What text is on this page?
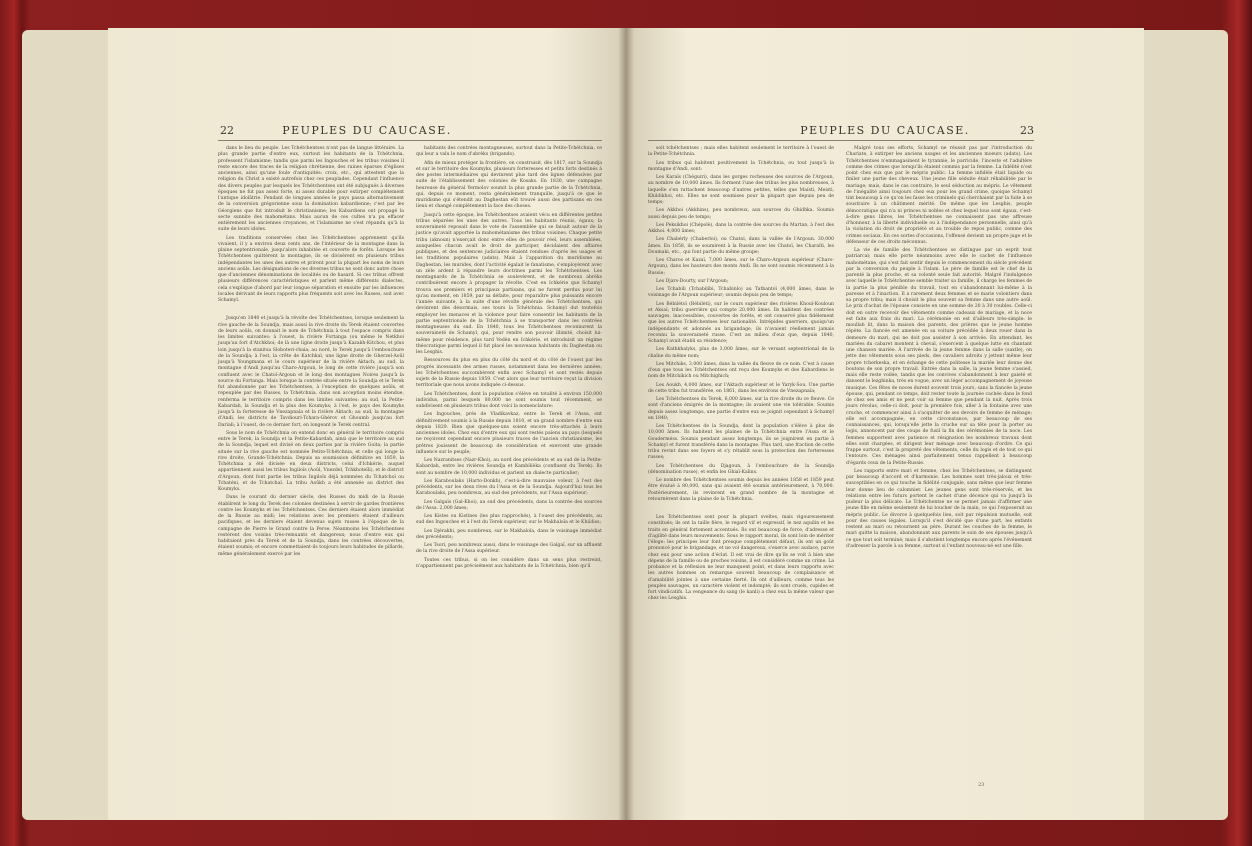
22	PEUPLES DU CAUCASE.

dans le lieu du peuple. Les Tchétchentses n'ont pas de langue littéraire. La plus grande partie d'entre eux, surtout les habitants de la Tchétchnia, professent l'islamisme; tandis que parmi les Ingouches et les tribus voisines il reste encore des traces de la religion chrétienne, des ruines éparses d'églises anciennes, ainsi qu'une foule d'antiquités: croix, etc., qui attestent que la religion du Christ a existé autrefois chez ces peuplades. Cependant l'influence des divers peuples par lesquels les Tchétchentses ont été subjugués à diverses époques ne fut pas assez forte, ni assez durable pour extirper complétement l'antique idolâtrie. Pendant de longues années le pays passa alternativement de la conversion grégorienne sous la domination kabardienne; c'est par les Géorgiens que fut introduit le christianisme; les Kabardiens ont propagé la secte sunnite des mahométans. Mais aucun de ces cultes n'a pu effacer entièrement les anciennes croyances, et l'islamisme ne s'est répandu qu'à la suite de leurs idoles.

Les traditions conservées chez les Tchétchentses apprennent qu'ils vivaient, il y a environ deux cents ans, de l'intérieur de la montagne dans la plaine septentrionale, jusqu'alors inhabitée et couverte de forêts. Lorsque les Tchétchentses quittèrent la montagne, ils se divisèrent en plusieurs tribus indépendantes les unes des autres et prirent pour la plupart les noms de leurs anciens aoûls. Les désignations de ces diverses tribus ne sont donc autre chose que d'anciennes dénominations de localités ou de hasard. Si ces tribus offrent plusieurs différences caractéristiques et parlent même différents dialectes, cela s'explique d'abord par leur longue séparation et ensuite par les influences locales dérivant de leurs rapports plus fréquents soit avec les Russes, soit avec Schamyl.

Jusqu'en 1840 et jusqu'à la révolte des Tchétchentses, lorsque seulement la rive gauche de la Soundja, mais aussi la rive droite du Terek étaient couvertes de leurs aoûls, on donnait le nom de Tchétchnia à tout l'espace compris dans les limites suivantes: à l'ouest, la rivière Fortanga (ou même le Netkhoi jusqu'au fort d'Atchkhoi; de là une ligne droite jusqu'à Kazakh-Kitchou, et plus loin jusqu'à la stanitsa Sloboteri-chaia; au nord, le Terek jusqu'à l'embouchure de la Soundja; à l'est, la crête de Katchkal, une ligne droite de Gherzel-Aoûl jusqu'à Youngmana et le cours supérieur de la rivière Aktach; au sud, la montagne d'Andi jusqu'au Charo-Argoun, le long de cette rivière jusqu'à son confluent avec le Chatoï-Argoun et le long des montagnes Noires jusqu'à la source du Fortanga. Mais lorsque la contrée située entre la Soundja et le Terek fut abandonnée par les Tchétchentses, à l'exception de quelques aoûls, et repeuplée par des Russes, la Tchétchnia, dans son acception moins étendue, renferma le territoire compris dans les limites suivantes: au sud, la Petite-Kabardah, la Soundja et la plus des Koumyks; à l'est, le pays des Koumyks jusqu'à la forteresse de Vnezapnaïa et la rivière Aktach; au sud, la montagne d'Andi, les districts de Tavdiouri-Tchara-Ghérov et Ghoumb jusqu'au fort Dariali; à l'ouest, de ce dernier fort, en longeant le Terek central.

Sous le nom de Tchétchnia on entend donc en général le territoire compris entre le Terek, la Soundja et la Petite-Kabardah, ainsi que le territoire au sud de la Soundja, lequel est divisé en deux parties par la rivière Goita; la partie située sur la rive gauche est nommée Petite-Tchétchnia, et celle qui longe la rive droite, Grande-Tchétchnia. Depuis sa soumission définitive en 1859, la Tchétchnia a été divisée en deux districts, celui d'Ichkérie, auquel appartiennent aussi les tribus Ingiloïs (Aoûl, Vnezdel, Tchkhoteïli), et le district d'Argoun, dont font partie les tribus Ingiloïs déjà nommées du Tchatchoï ou Tchaténi, et de Tchatchal. La tribu Aoûkh a été annexée au district des Koumyks.

Dans le courant du dernier siècle, des Russes du midi de la Russie établirent le long du Terek des colonies destinées à servir de gardes frontières contre les Koumyks et les Tchétchentses. Ces derniers étaient alors immédiat de la Russie au midi; les relations avec les premiers étaient d'ailleurs pacifiques, et les derniers étaient devenus sujets russes à l'époque de la campagne de Pierre le Grand contre la Perse. Néanmoins les Tchétchentses restèrent des voisins très-remuants et dangereux; nous d'entre eux qui habitaient près du Terek et de la Soundja, dans les contrées découvertes, étaient soumis; et encore commettaient-ils toujours leurs habitudes de pillards, même généralement exercé par les

habitants des contrées montagneuses, surtout dans la Petite-Tchétchnia, ce qui leur a valu le nom d'abrèks (brigands).

Afin de mieux protéger la frontière, on construisit, dès 1817, sur la Soundja et sur le territoire des Koumyks, plusieurs forteresses et petits forts destinés à des postes intermédiaires qui devinrent plus tard des lignes défensives par suite de l'établissement des colonies de Kosaks. En 1830, une campagne heureuse du général Yermolov soumit la plus grande partie de la Tchétchnia, qui, depuis ce moment, resta généralement tranquille, jusqu'à ce que le muridisme qui s'étendit au Daghestan eût trouvé aussi des partisans en ces lieux et changé complètement la face des choses.

Jusqu'à cette époque, les Tchétchentses avaient vécu en différentes petites tribus séparées les unes des autres. Tous les habitants réunis, égaux; la souveraineté reposait dans le vote de l'assemblée qui se faisait autour de la justice qu'avait apportée la mahométanisme des tribus voisines. Chaque petite tribu (aknoun) n'exerçait donc entre elles de pouvoir réel, leurs assemblées, auxquelles chacun avait le droit de participer, décidaient des affaires publiques, et des sentences judiciaires étaient rendues d'après les usages et les traditions populaires (adats). Mais à l'apparition du muridisme au Daghestan, les murides, dont l'activité égalait le fanatisme, s'employèrent avec un zèle ardent à répandre leurs doctrines parmi les Tchétchentses. Les montagnards de la Tchétchnia se soulevèrent, et de nombreux abrèks contribuèrent encore à propager la révolte. C'est en Ichkérie que Schamyl trouva ses premiers et principaux partisans, qui ne furent perdus pour lui qu'au moment, en 1859, par sa défaite, pour reparaître plus puissants encore l'année suivante, à la suite d'une révolte générale des Tchétchentses, qui devinrent dès désormais, ses tours la Tchétchnia. Schamyl dut toutefois employer les menaces et la violence pour faire consentir les habitants de la partie septentrionale de la Tchétchnia à se transporter dans les contrées montagneuses du sud. En 1840, tous les Tchétchentses reconnurent la souveraineté de Schamyl, qui, pour rendre son pouvoir illimité, choisit lui-même pour résidence, plus tard Vedèn en Ichkérie, et introduisit un régime théocratique parmi lequel il fut placé les nouveaux habitants du Daghestan ou les Lesghis.

Ressources du plus en plus du côté du nord et du côté de l'ouest par les progrès incessants des armes russes, notamment dans les dernières années, les Tchétchentses succombèrent enfin avec Schamyl et sont restés depuis sujets de la Russie depuis 1859. C'est alors que leur territoire reçut la division territoriale que nous avons indiquée ci-dessus.

Les Tchétchentses, dont la population s'élève en totalité à environ 150,000 individus, parmi lesquels 80,000 ne sont soumis tout récemment, se subdivisent en plusieurs tribus dont voici la nomenclature:

Les Ingouches, près de Vladikavkaz, entre le Terek et l'Assa, ont définitivement soumis à la Russie depuis 1810, et un grand nombre d'entre eux depuis 1829. Bien que quelques-uns soient encore très-attachés à leurs anciennes idoles. Chez eux d'entre eux qui sont restés païens au pays (lesquels ne reçoivent cependant encore plusieurs traces de l'ancien christianisme, les prêtres jouissent de beaucoup de considération et exercent une grande influence sur le peuple;

Les Nazranitses (Nazr-Khoi), au nord des précédents et au sud de la Petite-Kabardah, entre les rivières Soundja et Kambilièka (confluent du Terek). Ils sont au nombre de 10,000 individus et parlent un dialecte particulier;

Les Karaboulaks (Harto-Donkh), c'est-à-dire mauvaise voleur, à l'est des précédents, sur les deux rives du l'Assa et de la Soundja. Aujourd'hui tous les Karaboulaks, peu nombreux, au sud des précédents, sur l'Assa supérieur;

Les Galgaïs (Gal-Khoi), au sud des précédents, dans la contrée des sources de l'Assa. 2,000 âmes;

Les Kistes ou Kistines (les plus rapprochés), à l'ouest des précédents, au sud des Ingouches et à l'est du Terek supérieur, sur le Makhaloïa et le Khiïdiss;

Les Djérakhi, peu nombreux, sur le Makhaloïa, dans le voisinage immédiat des précédents;

Les Tsori, peu nombreux aussi, dans le voisinage des Galgaï, sur un affluent de la rive droite de l'Assa supérieur.

Toutes ces tribus, si on les considère dans un sens plus restreint, n'appartiennent pas précisément aux habitants de la Tchétchnia, bien qu'il

PEUPLES DU CAUCASE.	23

soit tchétchentses ; mais elles habitent seulement le territoire à l'ouest de la Petite-Tchétchnia.

Les tribus qui habitent positivement la Tchétchnia, ou tout jusqu'à la montagne d'Andi, sont:

Les Karaïs (Chéguiri), dans les gorges rocheuses des sources de l'Argoun, au nombre de 10,000 âmes. Ils forment l'une des tribus les plus nombreuses, à laquelle s'en rattachent beaucoup d'autres petites, telles que Maïsti, Meisti, Khildikhoi, etc. Elles ne sont soumises pour la plupart que depuis peu de temps;

Les Akkhoi (Akkhins), peu nombreux, aux sources du Ghidhka. Soumis aussi depuis peu de temps;

Les Peksikhoi (Chépolè), dans la contrée des sources du Martan, à l'est des Akkhoi. 4,000 âmes;

Les Chabérly (Chaberloi), ou Chatoi, dans la vallée de l'Argoun. 30,000 âmes. En 1858, ils se soumirent à la Russie avec les Chatoï, les Charaïti, les Doumaki, etc., qui font partie du même groupe;

Les Charos et Kazaï, 7,000 âmes, sur le Charo-Argoun supérieur (Charo-Argoun), dans les hauteurs des monts Andi. Ils ne sont soumis récemment à la Russie;

Les Djars-Dourty, sur l'Argoun;

Les Tchabili (Tchabilibi, Tchabinlo) au Tatbantoï (4,000 âmes, dans le voisinage de l'Argoun supérieur; soumis depuis peu de temps;

Les Bébilétoï (Bébilèti), sur le cours supérieur des rivières Khoul-Kouloun et Aksaï; tribu guerrière qui compte 20,000 âmes. Ils habitent des contrées sauvages, inaccessibles, couvertes de forêts, et ont conservé plus fidèlement que les autres Tchétchentses leur nationalité. Intrépides guerriers, quoiqu'un indépendants et adonnés au brigandage, ils n'avaient réellement jamais reconnu la souveraineté russe. C'est au milieu d'eux que, depuis 1840, Schamyl avait établi sa résidence;

Les Kathkhalyks, plus de 3,000 âmes, sur le versant septentrional de la chaîne du même nom;

Les Mitchiks, 3,000 âmes, dans la vallée du fleuve de ce nom. C'est à cause d'eux que tous les Tchétchentses ont reçu des Koumyks et des Kabardiens le nom de Mitchikich ou Mitchighich;

Les Aoukh, 4,000 âmes, sur l'Aktach supérieur et le Yaryk-Sou. Une partie de cette tribu fut transférée, en 1861, dans les environs de Vnezapnaïa;

Les Tchétchentses du Terek, 6,000 âmes, sur la rive droite du ce fleuve. Ce sont d'anciens émigrés de la montagne; ils avaient une vie tolérable. Soumis depuis assez longtemps, une partie d'entre eux se joignit cependant à Schamyl en 1840;

Les Tchétchentses de la Soundja, dont la population s'élève à plus de 10,000 âmes. Ils habitent les plaines de la Tchétchnia entre l'Assa et le Gouderméss. Soumis pendant assez longtemps, ils se joignirent en partie à Schamyl et furent transférés dans la montagne. Plus tard, une fraction de cette tribu revint dans ses foyers et s'y rétablit sous la protection des forteresses russes;

Les Tchétchentses du Djagoun, à l'embouchure de la Soundja (dénomination russe), et enfin les Ghiaï-Kalins.

Le nombre des Tchétchentses soumis depuis les années 1858 et 1859 peut être évalué à 80,000, sans qui avaient été soumis antérieurement, à 70,000. Postérieurement, ils revinrent en grand nombre de la montagne et retournèrent dans la plaine de la Tchétchnia.

Les Tchétchentses sont pour la plupart sveltes, mais vigoureusement constitués; ils ont la taille fière, le regard vif et expressif, le nez aquilin et les traits en général fortement accentués. Ils ont beaucoup de force, d'adresse et d'agilité dans leurs mouvements. Sous le rapport moral, ils sont loin de mériter l'éloge: les principes leur font presque complètement défaut, ils ont un goût prononcé pour le brigandage, et ne vol dangereux, s'exerce avec audace, parce chez eux pour une action d'éclat. Il est vrai de dire qu'ils se voit à bien une dépens de la famille ou de proches voisins, il est considéré comme un crime. La probance et la réflexion ne leur manquent point, et dans leurs rapports avec les autres hommes on remarque souvent beaucoup de complaisance et d'amabilité jointes à une certaine fierté. Ils ont d'ailleurs, comme tous les peuples sauvages, un caractère violent et indompté; ils sont cruels, cupides et fort vindicatifs. La vengeance du sang (le kanli) a chez eux la même valeur que chez les Lesghis.

Malgré tous ses efforts, Schamyl ne réussit pas par l'introduction du Chariate, à extirper les anciens usages et les anciennes moeurs (adats). Les Tchétchentses n'emmagasinent le tyrannie, le parricide, l'inceste et l'adultère comme des crimes que lorsqu'ils étaient commis par la femme. La fidélité n'est point chez eux que par le mépris public. La femme infidèle était liquide ou finiler une partie des cheveux. Une jeune fille séduite était réhabilitée par le mariage; mais, dans le cas contraire, le seul séduction au mépris. Le vêtement de l'inégalité ainsi toujours chez eux pour les grand crime, quoique Schamyl tint beaucoup à ce qu'on les fasse les criminels qui cherchaient par la fuite à se soustraire à un châtiment mérité. De même que les Lesghis, peuple démocratique qui n'a ni princes ni nobles et chez lequel tous sont égaux, c'est-à-dire gens libres, les Tchétchentses ne connaissent pas une affreuse d'honneur, à la liberté individuelle ou à l'indépendance personnelle, ainsi qu'à la violation du droit de propriété et au trouble de repos public, comme des crimes sociaux. En ces sortes d'occasions, l'offensé devient un propre juge et le défenseur de ces droits méconnus.

La vie de famille des Tchétchentses se distingue par un esprit tout patriarcal; mais elle porte néanmoins avec elle le cachet de l'influence mahométane, qui s'est fait sentir depuis le commencement du siècle précédent par la conversion du peuple à l'islam. Le père de famille est le chef de la parenté la plus proche, et sa volonté seule fait autorité. Malgré l'indulgence avec laquelle le Tchétchentse semble traiter sa famille, il charge les femmes de la partie la plus pénible du travail, tout en s'abandonnant lui-même à la paresse et à l'inaction. Il a rarement deux femmes et se marie volontiers dans sa propre tribu; mais il choisit le plus souvent sa femme dans une autre aoûl. Le prix d'achat de l'épouse consiste en une somme de 20 à 30 roubles. Celle-ci doit en outre recevoir des vêtements comme cadeaux de mariage, et la noce est faite aux frais du mari. La cérémonie en est d'ailleurs très-simple: le moullah lit, dans la maison des parents, des prières que le jeune homme répète. La fiancée est amenée en sa voiture précédée à deux rouer dans la demeure du mari, qui ne doit pas assister à son arrivée. En attendant, les mariées du cabaret montent à cheval, s'exercent à quelque lutte en chantant une chanson mariée. À l'arrivée de la jeune femme dans la salle (saxtle), on jette des vêtements sous ses pieds, des cavaliers adroits y jettent même leur propre tcherkeska, et en échange de cette politesse la mariée leur donne des boutons de son propre travail. Entrée dans la salle, la jeune femme s'assied, mais elle reste voilée, tandis que les convives s'abandonnent à leur gaieté et dansent le lezghinka, très en vogue, avec un léger accompagnement de joyeuse musique. Ces fêtes de noces durent souvent trois jours, sans la fiancée la jeune épouse, qui, pendant ce temps, doit rester toute la journée cachée dans le fond de chez ses amis et ne peut voir sa femme que pendant la nuit. Après trois jours révolus, celle-ci doit, pour la première fois, aller à la fontaine avec une cruche, et commencer ainsi à s'acquitter de ses devoirs de femme de ménage; elle est accompagnée, en cette circonstance, par beaucoup de ses connaissances, qui, lorsqu'elle jette la cruche sur sa tête pour la porter au logis, annoncent par des coups de fusil la fin des cérémonies de la noce. Les femmes supportent avec patience et résignation les nombreux travaux dont elles sont chargées, et dirigent leur ménage avec beaucoup d'ordre. Ce qui frappe surtout, c'est la propreté des vêtements, celle du logis et de tout ce qui l'entoure. Ces ménages ainsi parfaitement tenus rappellent à beaucoup d'égards ceux de la Petite-Russie.

Les rapports entre mari et femme, chez les Tchétchentses, se distinguent par beaucoup d'accord et d'harmonie. Les hommes sont très-jaloux et très-susceptibles en ce qui touche la fidélité conjugale, sans même que leur femme leur donne lieu de calomnier. Les jeunes gens sont très-réservés, et les relations entre les futurs portent le cachet d'une décence qui va jusqu'à la pudeur la plus délicate. Le Tchétchentse ne se permet jamais d'affirmer une jeune fille en même seulement de lui toucher de la main, ce qui l'exposerait au mépris public. Le divorce à quelquefois lieu, soit par répulsion mutuelle, soit pour des causes légales. Lorsqu'il s'est décidé que d'une part, les enfants restent au mari ou retournent au père. Durant les couches de la femme, le mari quitte la maison, abandonnant aux parents le soin de ses épouses jusqu'à ce que tout soit terminé; mais il s'abstient longtemps encore après l'événement d'adresser la parole à sa femme, surtout si l'enfant nouveau-né est une fille.

23
